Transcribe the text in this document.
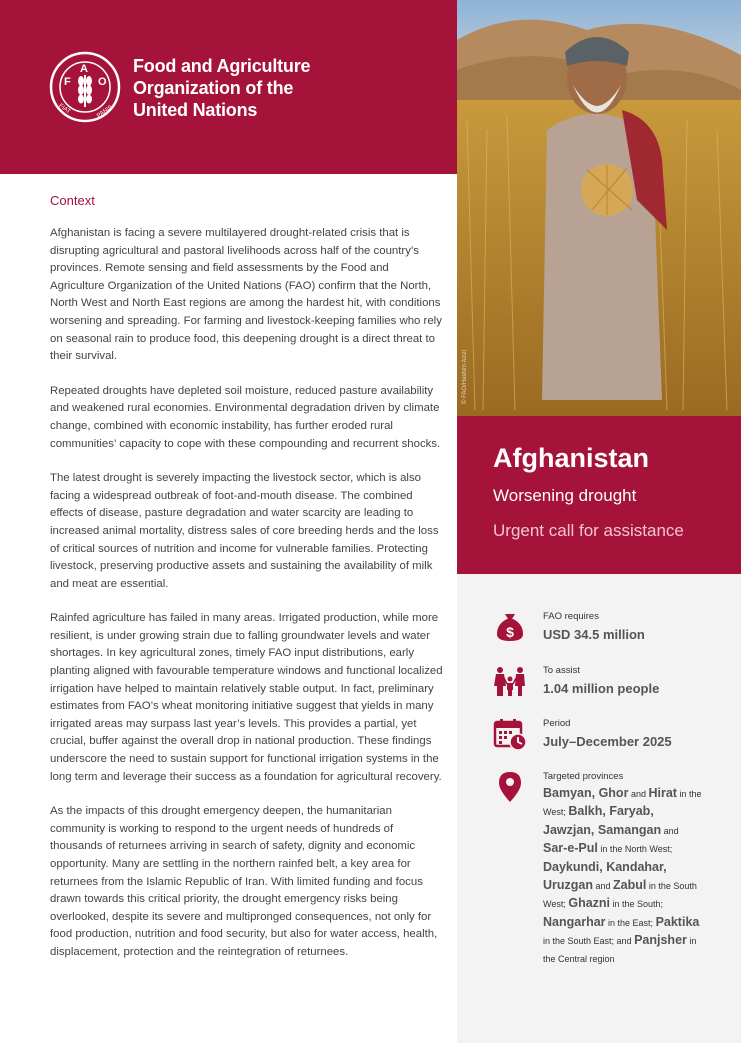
F
A
O
FIAT	PANIS
Food and Agriculture
Organization of the
United Nations
© FAO/Hashim Azizi
Afghanistan
Worsening drought
Urgent call for assistance
$
FAO requires
USD 34.5 million
To assist
1.04 million people
Period
July–December 2025
Targeted provinces
Bamyan, Ghor and Hirat in the West; Balkh, Faryab, Jawzjan, Samangan and Sar-e-Pul in the North West; Daykundi, Kandahar, Uruzgan and Zabul in the South West; Ghazni in the South; Nangarhar in the East; Paktika in the South East; and Panjsher in the Central region
Context

Afghanistan is facing a severe multilayered drought-related crisis that is disrupting agricultural and pastoral livelihoods across half of the country’s provinces. Remote sensing and field assessments by the Food and Agriculture Organization of the United Nations (FAO) confirm that the North, North West and North East regions are among the hardest hit, with conditions worsening and spreading. For farming and livestock-keeping families who rely on seasonal rain to produce food, this deepening drought is a direct threat to their survival.

Repeated droughts have depleted soil moisture, reduced pasture availability and weakened rural economies. Environmental degradation driven by climate change, combined with economic instability, has further eroded rural communities’ capacity to cope with these compounding and recurrent shocks.

The latest drought is severely impacting the livestock sector, which is also facing a widespread outbreak of foot-and-mouth disease. The combined effects of disease, pasture degradation and water scarcity are leading to increased animal mortality, distress sales of core breeding herds and the loss of critical sources of nutrition and income for vulnerable families. Protecting livestock, preserving productive assets and sustaining the availability of milk and meat are essential.

Rainfed agriculture has failed in many areas. Irrigated production, while more resilient, is under growing strain due to falling groundwater levels and water shortages. In key agricultural zones, timely FAO input distributions, early planting aligned with favourable temperature windows and functional localized irrigation have helped to maintain relatively stable output. In fact, preliminary estimates from FAO’s wheat monitoring initiative suggest that yields in many irrigated areas may surpass last year’s levels. This provides a partial, yet crucial, buffer against the overall drop in national production. These findings underscore the need to sustain support for functional irrigation systems in the long term and leverage their success as a foundation for agricultural recovery.

As the impacts of this drought emergency deepen, the humanitarian community is working to respond to the urgent needs of hundreds of thousands of returnees arriving in search of safety, dignity and economic opportunity. Many are settling in the northern rainfed belt, a key area for returnees from the Islamic Republic of Iran. With limited funding and focus drawn towards this critical priority, the drought emergency risks being overlooked, despite its severe and multipronged consequences, not only for food production, nutrition and food security, but also for water access, health, displacement, protection and the reintegration of returnees.
